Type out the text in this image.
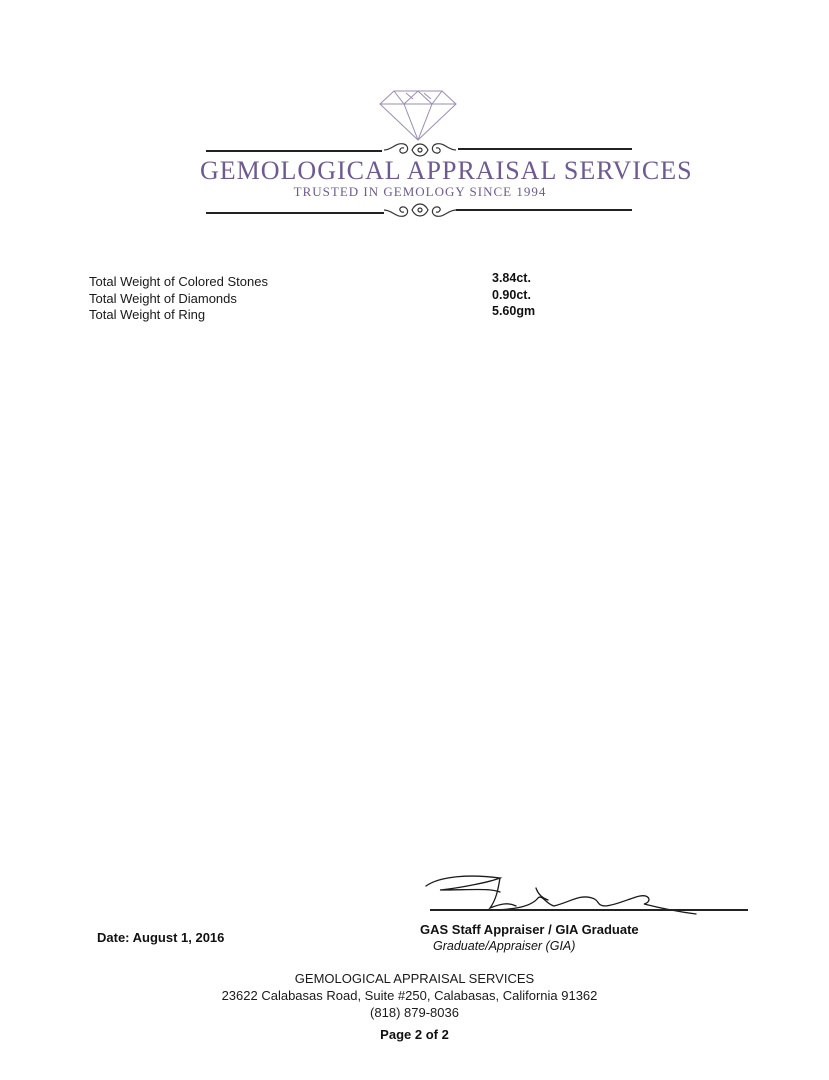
GEMOLOGICAL APPRAISAL SERVICES
TRUSTED IN GEMOLOGY SINCE 1994
Total Weight of Colored Stones	3.84ct.
Total Weight of Diamonds	0.90ct.
Total Weight of Ring	5.60gm
Date: August 1, 2016
GAS Staff Appraiser / GIA Graduate
Graduate/Appraiser (GIA)
GEMOLOGICAL APPRAISAL SERVICES
23622 Calabasas Road, Suite #250, Calabasas, California 91362
(818) 879-8036
Page 2 of 2
